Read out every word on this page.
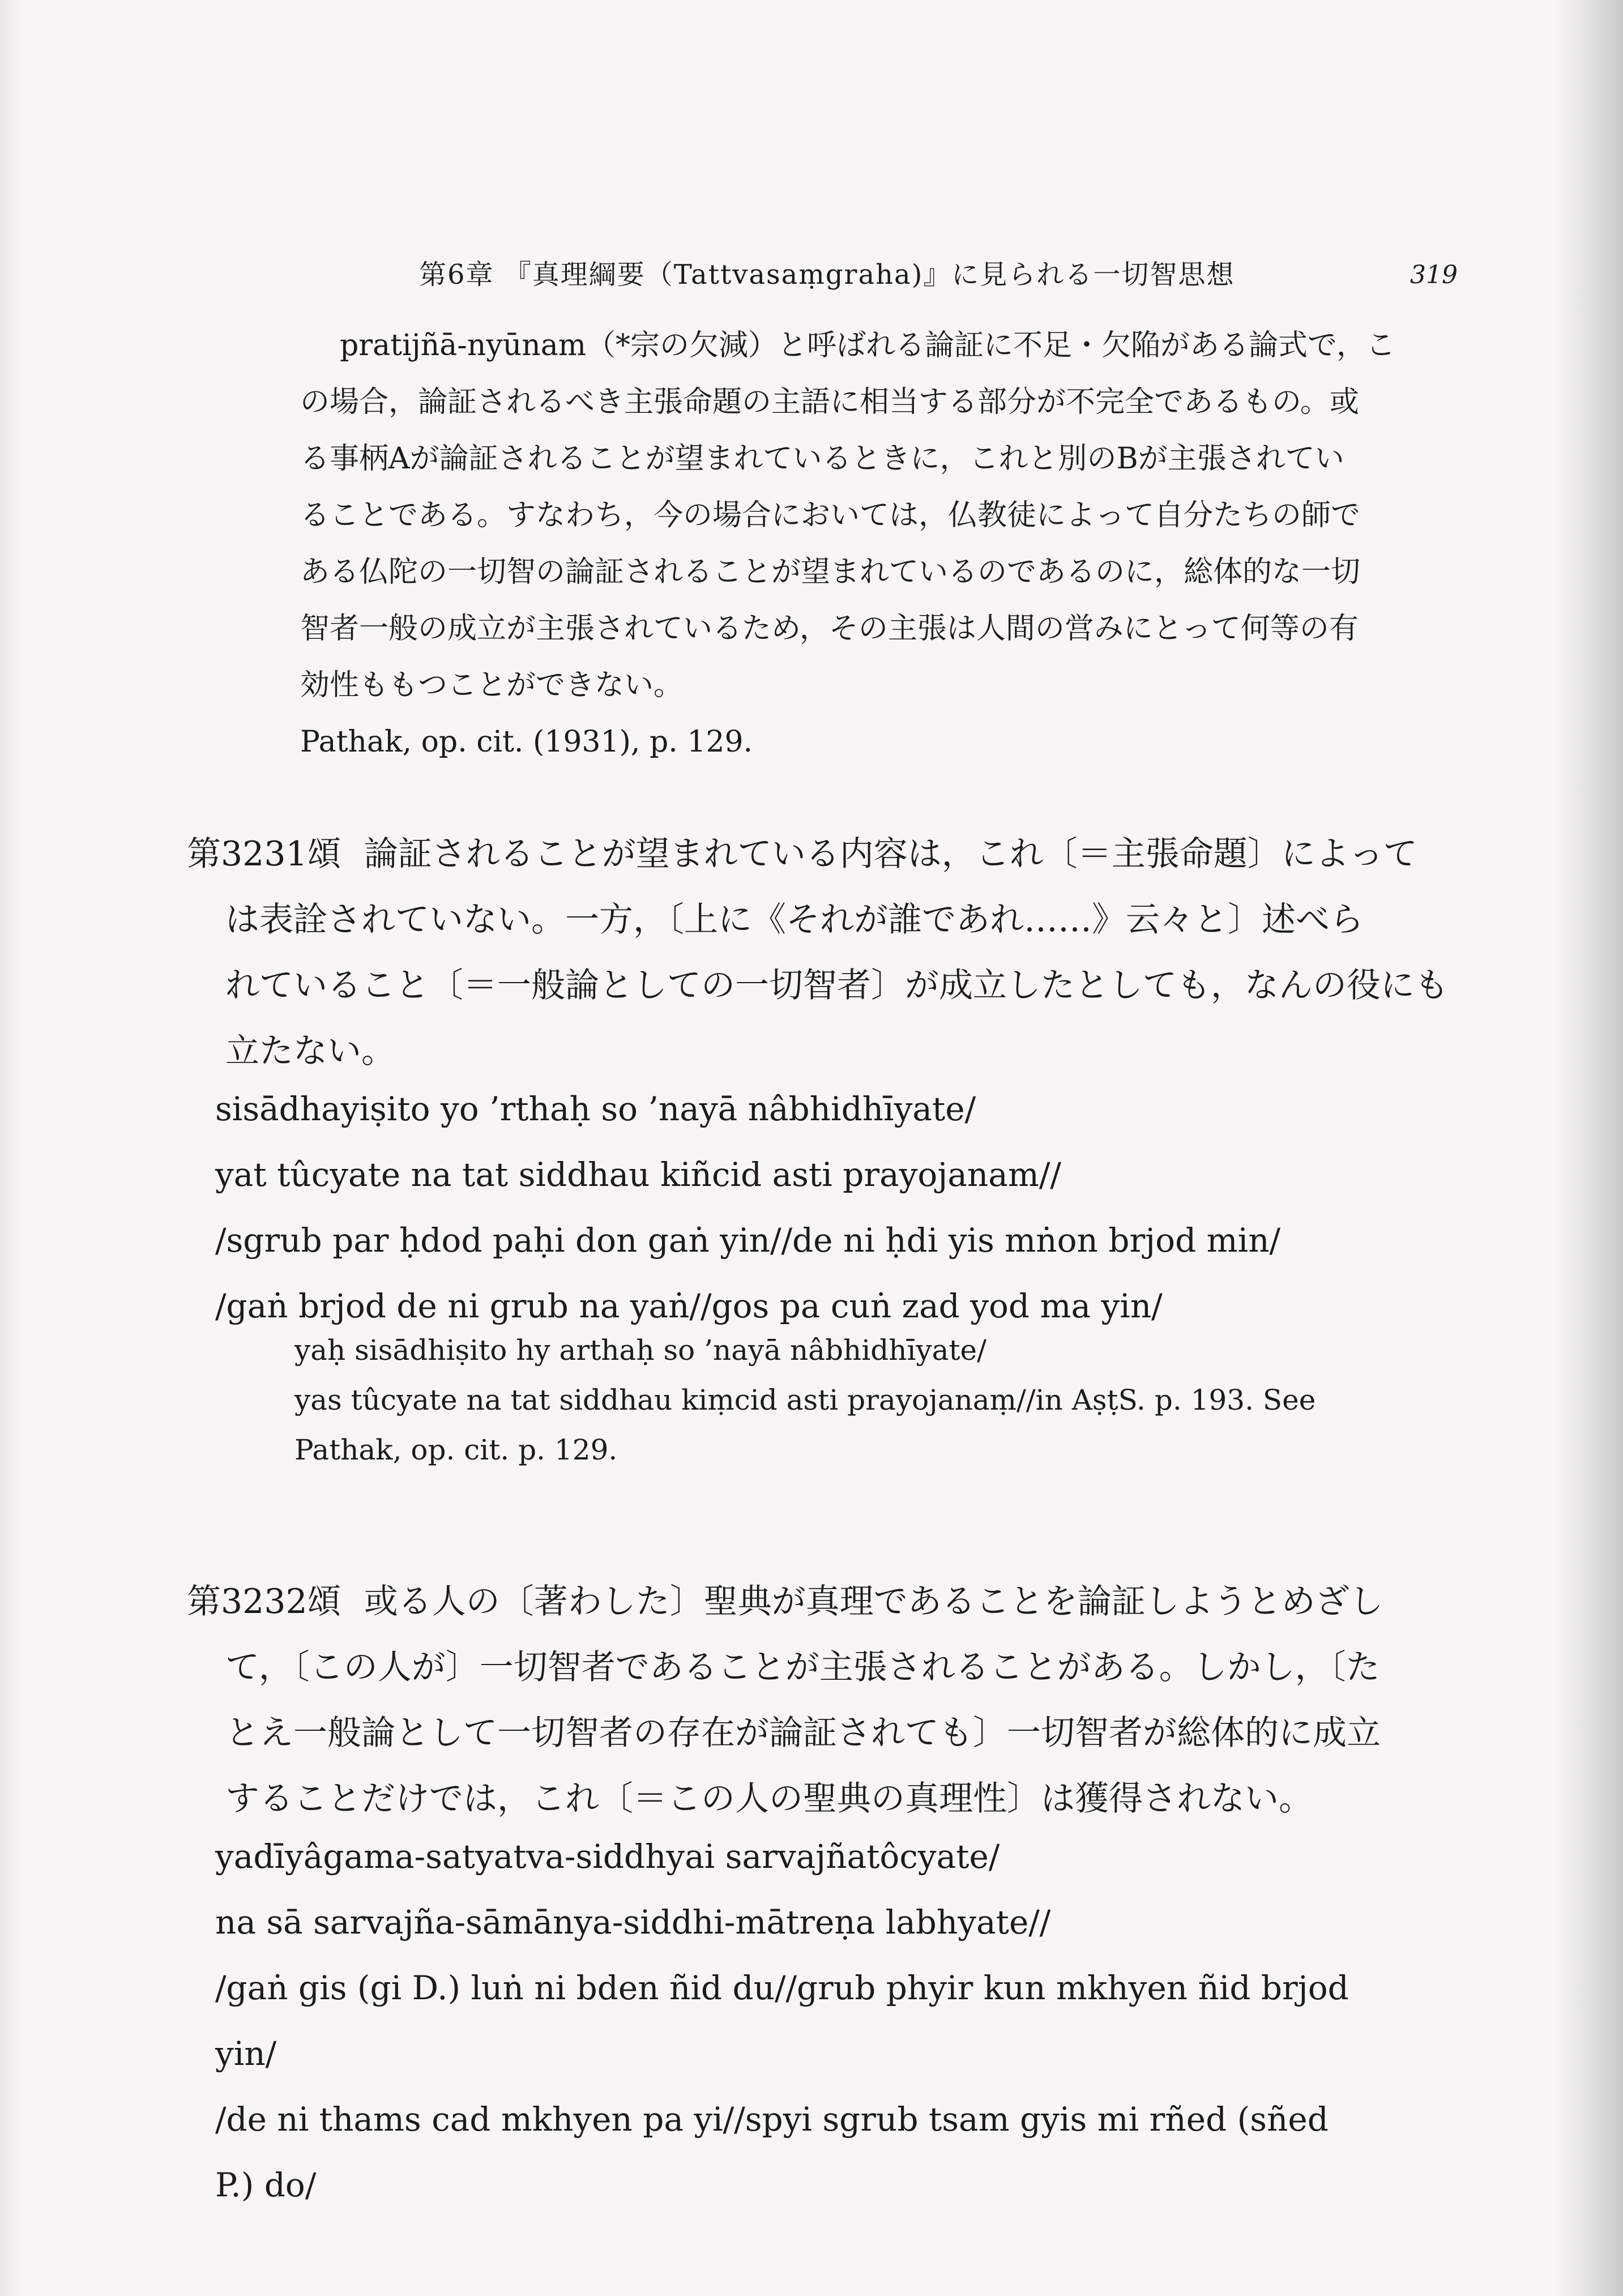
第6章 『真理綱要（Tattvasaṃgraha)』に見られる一切智思想	319
pratijñā-nyūnam（*宗の欠減）と呼ばれる論証に不足・欠陥がある論式で，こ
の場合，論証されるべき主張命題の主語に相当する部分が不完全であるもの。或
る事柄Aが論証されることが望まれているときに，これと別のBが主張されてい
ることである。すなわち，今の場合においては，仏教徒によって自分たちの師で
ある仏陀の一切智の論証されることが望まれているのであるのに，総体的な一切
智者一般の成立が主張されているため，その主張は人間の営みにとって何等の有
効性ももつことができない。
Pathak, op. cit. (1931), p. 129.
第3231頌 論証されることが望まれている内容は，これ〔＝主張命題〕によって
は表詮されていない。一方，〔上に《それが誰であれ……》云々と〕述べら
れていること〔＝一般論としての一切智者〕が成立したとしても，なんの役にも
立たない。
sisādhayiṣito yo ’rthaḥ so ’nayā nâbhidhīyate/
yat tûcyate na tat siddhau kiñcid asti prayojanam//
/sgrub par ḥdod paḥi don gaṅ yin//de ni ḥdi yis mṅon brjod min/
/gaṅ brjod de ni grub na yaṅ//gos pa cuṅ zad yod ma yin/
yaḥ sisādhiṣito hy arthaḥ so ’nayā nâbhidhīyate/
yas tûcyate na tat siddhau kiṃcid asti prayojanaṃ//in AṣṭS. p. 193. See
Pathak, op. cit. p. 129.
第3232頌 或る人の〔著わした〕聖典が真理であることを論証しようとめざし
て，〔この人が〕一切智者であることが主張されることがある。しかし，〔た
とえ一般論として一切智者の存在が論証されても〕一切智者が総体的に成立
することだけでは，これ〔＝この人の聖典の真理性〕は獲得されない。
yadīyâgama-satyatva-siddhyai sarvajñatôcyate/
na sā sarvajña-sāmānya-siddhi-mātreṇa labhyate//
/gaṅ gis (gi D.) luṅ ni bden ñid du//grub phyir kun mkhyen ñid brjod
yin/
/de ni thams cad mkhyen pa yi//spyi sgrub tsam gyis mi rñed (sñed
P.) do/
